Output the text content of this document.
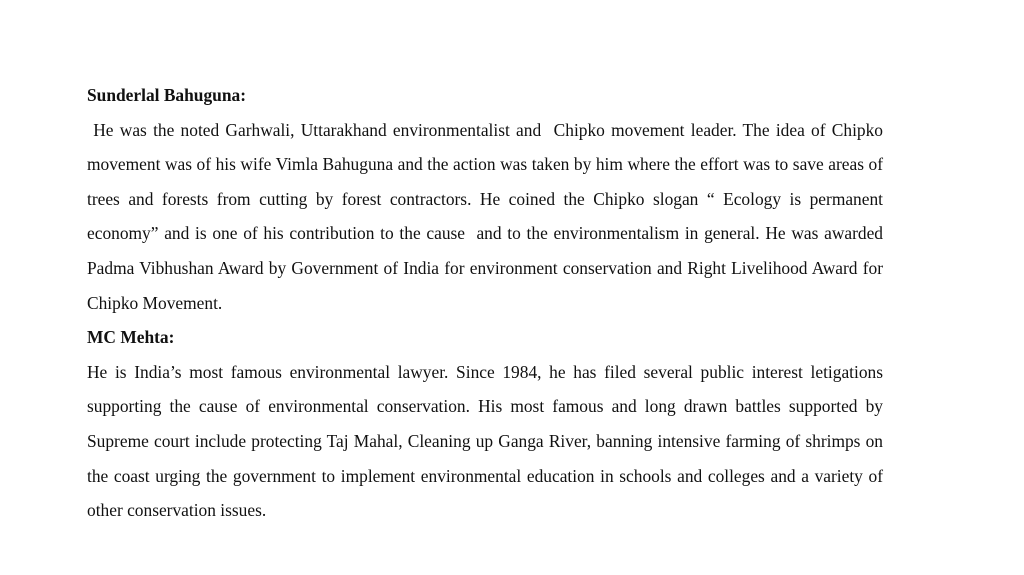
Sunderlal Bahuguna:

He was the noted Garhwali, Uttarakhand environmentalist and  Chipko movement leader. The idea of Chipko movement was of his wife Vimla Bahuguna and the action was taken by him where the effort was to save areas of trees and forests from cutting by forest contractors. He coined the Chipko slogan “ Ecology is permanent economy” and is one of his contribution to the cause  and to the environmentalism in general. He was awarded Padma Vibhushan Award by Government of India for environment conservation and Right Livelihood Award for Chipko Movement.

MC Mehta:

He is India’s most famous environmental lawyer. Since 1984, he has filed several public interest letigations supporting the cause of environmental conservation. His most famous and long drawn battles supported by Supreme court include protecting Taj Mahal, Cleaning up Ganga River, banning intensive farming of shrimps on the coast urging the government to implement environmental education in schools and colleges and a variety of other conservation issues.
